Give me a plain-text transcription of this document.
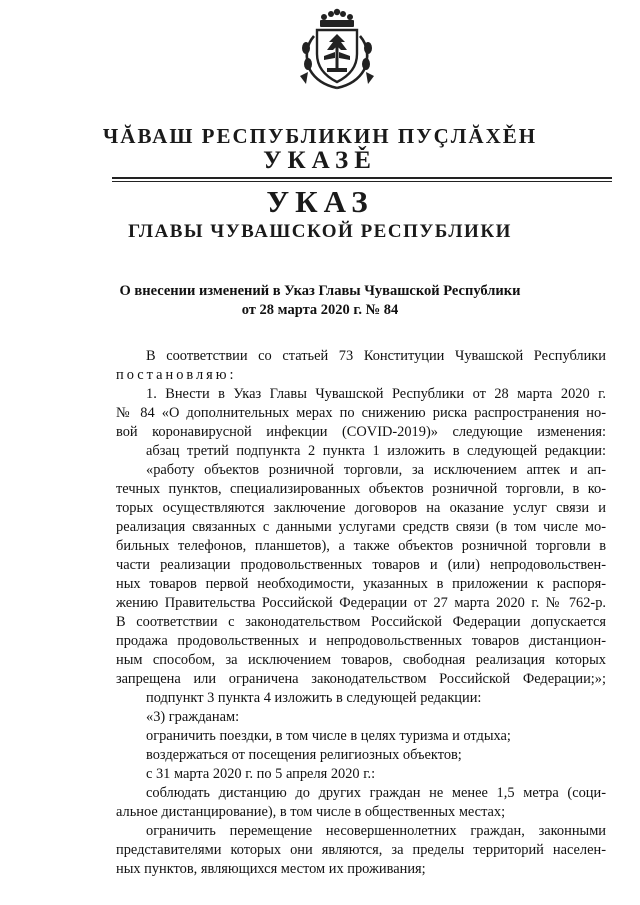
ЧĂВАШ РЕСПУБЛИКИН ПУÇЛĂХĚН
УКАЗĚ
УКАЗ
ГЛАВЫ ЧУВАШСКОЙ РЕСПУБЛИКИ
О внесении изменений в Указ Главы Чувашской Республики
от 28 марта 2020 г. № 84
В соответствии со статьей 73 Конституции Чувашской Республики
постановляю:
1. Внести в Указ Главы Чувашской Республики от 28 марта 2020 г.
№ 84 «О дополнительных мерах по снижению риска распространения но-
вой коронавирусной инфекции (COVID-2019)» следующие изменения:
абзац третий подпункта 2 пункта 1 изложить в следующей редакции:
«работу объектов розничной торговли, за исключением аптек и ап-
течных пунктов, специализированных объектов розничной торговли, в ко-
торых осуществляются заключение договоров на оказание услуг связи и
реализация связанных с данными услугами средств связи (в том числе мо-
бильных телефонов, планшетов), а также объектов розничной торговли в
части реализации продовольственных товаров и (или) непродовольствен-
ных товаров первой необходимости, указанных в приложении к распоря-
жению Правительства Российской Федерации от 27 марта 2020 г. № 762-р.
В соответствии с законодательством Российской Федерации допускается
продажа продовольственных и непродовольственных товаров дистанцион-
ным способом, за исключением товаров, свободная реализация которых
запрещена или ограничена законодательством Российской Федерации;»;
подпункт 3 пункта 4 изложить в следующей редакции:
«3) гражданам:
ограничить поездки, в том числе в целях туризма и отдыха;
воздержаться от посещения религиозных объектов;
с 31 марта 2020 г. по 5 апреля 2020 г.:
соблюдать дистанцию до других граждан не менее 1,5 метра (соци-
альное дистанцирование), в том числе в общественных местах;
ограничить перемещение несовершеннолетних граждан, законными
представителями которых они являются, за пределы территорий населен-
ных пунктов, являющихся местом их проживания;
